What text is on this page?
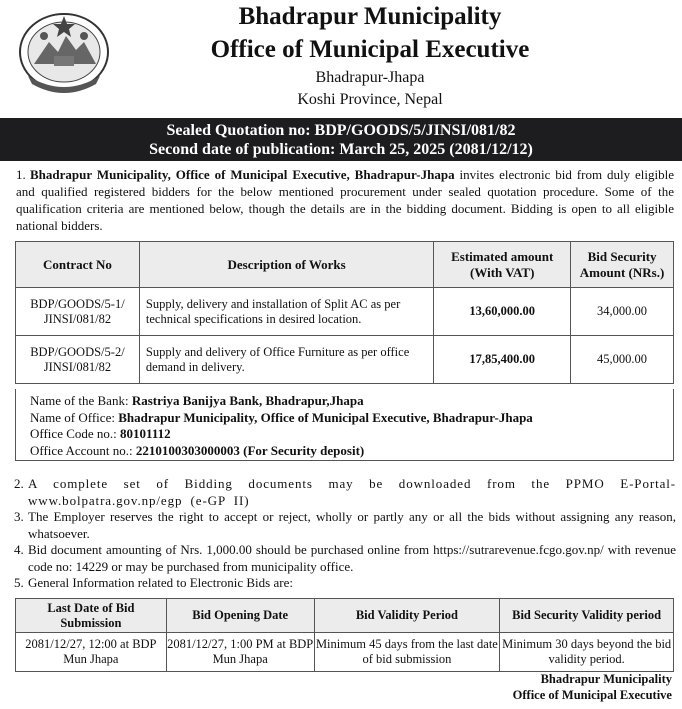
Bhadrapur Municipality
Office of Municipal Executive
Bhadrapur-Jhapa
Koshi Province, Nepal
Sealed Quotation no: BDP/GOODS/5/JINSI/081/82
Second date of publication: March 25, 2025 (2081/12/12)
1. Bhadrapur Municipality, Office of Municipal Executive, Bhadrapur-Jhapa invites electronic bid from duly eligible and qualified registered bidders for the below mentioned procurement under sealed quotation procedure. Some of the qualification criteria are mentioned below, though the details are in the bidding document. Bidding is open to all eligible national bidders.
Contract No	Description of Works	Estimated amount (With VAT)	Bid Security Amount (NRs.)
BDP/GOODS/5-1/ JINSI/081/82	Supply, delivery and installation of Split AC as per technical specifications in desired location.	13,60,000.00	34,000.00
BDP/GOODS/5-2/ JINSI/081/82	Supply and delivery of Office Furniture as per office demand in delivery.	17,85,400.00	45,000.00
Name of the Bank: Rastriya Banijya Bank, Bhadrapur,Jhapa
Name of Office: Bhadrapur Municipality, Office of Municipal Executive, Bhadrapur-Jhapa
Office Code no.: 80101112
Office Account no.: 2210100303000003 (For Security deposit)
2. A complete set of Bidding documents may be downloaded from the PPMO E-Portal- www.bolpatra.gov.np/egp (e-GP II)
3. The Employer reserves the right to accept or reject, wholly or partly any or all the bids without assigning any reason, whatsoever.
4. Bid document amounting of Nrs. 1,000.00 should be purchased online from https://sutrarevenue.fcgo.gov.np/ with revenue code no: 14229 or may be purchased from municipality office.
5. General Information related to Electronic Bids are:
Last Date of Bid Submission	Bid Opening Date	Bid Validity Period	Bid Security Validity period
2081/12/27, 12:00 at BDP Mun Jhapa	2081/12/27, 1:00 PM at BDP Mun Jhapa	Minimum 45 days from the last date of bid submission	Minimum 30 days beyond the bid validity period.
Bhadrapur Municipality
Office of Municipal Executive
